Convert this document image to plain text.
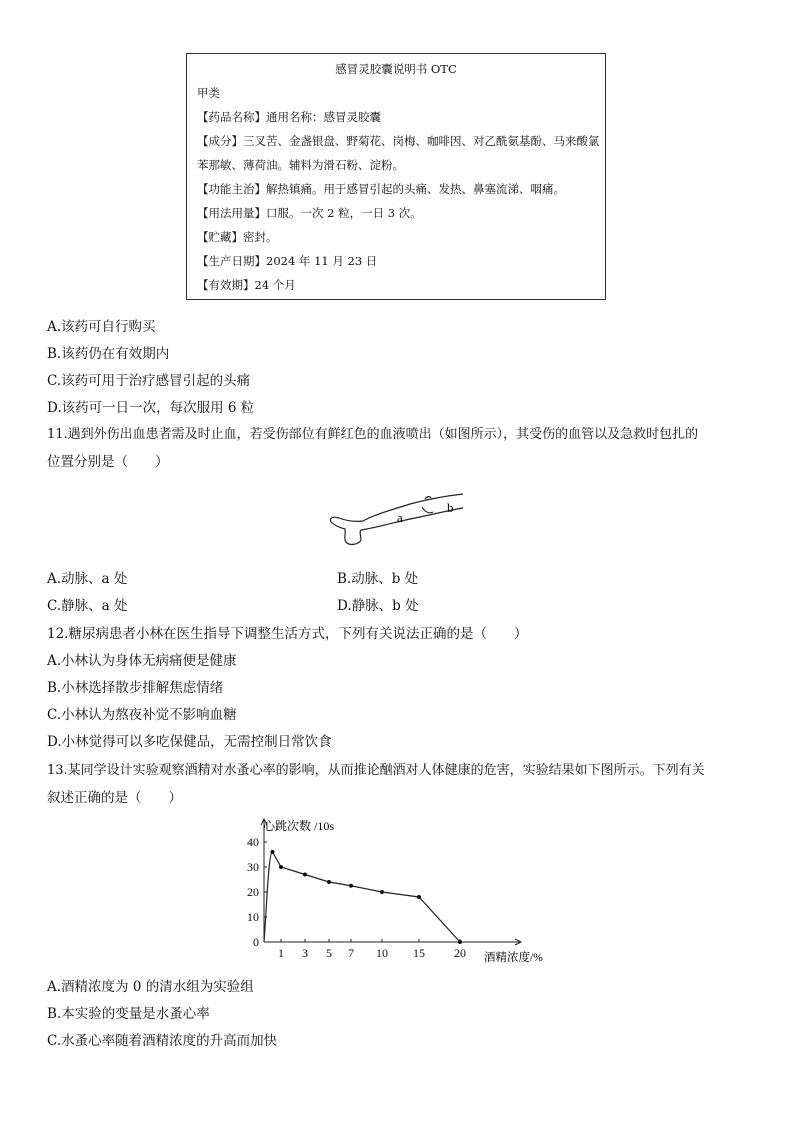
感冒灵胶囊说明书 OTC
甲类
【药品名称】通用名称：感冒灵胶囊
【成分】三叉苦、金盏银盘、野菊花、岗梅、咖啡因、对乙酰氨基酚、马来酸氯
苯那敏、薄荷油。辅料为滑石粉、淀粉。
【功能主治】解热镇痛。用于感冒引起的头痛、发热、鼻塞流涕、咽痛。
【用法用量】口服。一次 2 粒，一日 3 次。
【贮藏】密封。
【生产日期】2024 年 11 月 23 日
【有效期】24 个月
A.该药可自行购买
B.该药仍在有效期内
C.该药可用于治疗感冒引起的头痛
D.该药可一日一次，每次服用 6 粒
11.遇到外伤出血患者需及时止血，若受伤部位有鲜红色的血液喷出（如图所示），其受伤的血管以及急救时包扎的
位置分别是（　　）
a
b
A.动脉、a 处	B.动脉、b 处
C.静脉、a 处	D.静脉、b 处
12.糖尿病患者小林在医生指导下调整生活方式，下列有关说法正确的是（　　）
A.小林认为身体无病痛便是健康
B.小林选择散步排解焦虑情绪
C.小林认为熬夜补觉不影响血糖
D.小林觉得可以多吃保健品，无需控制日常饮食
13.某同学设计实验观察酒精对水蚤心率的影响，从而推论酗酒对人体健康的危害，实验结果如下图所示。下列有关
叙述正确的是（　　）
0
10
20
30
40
1 3 5 7 10 15 20
心跳次数 /10s
酒精浓度/%
A.酒精浓度为 0 的清水组为实验组
B.本实验的变量是水蚤心率
C.水蚤心率随着酒精浓度的升高而加快
